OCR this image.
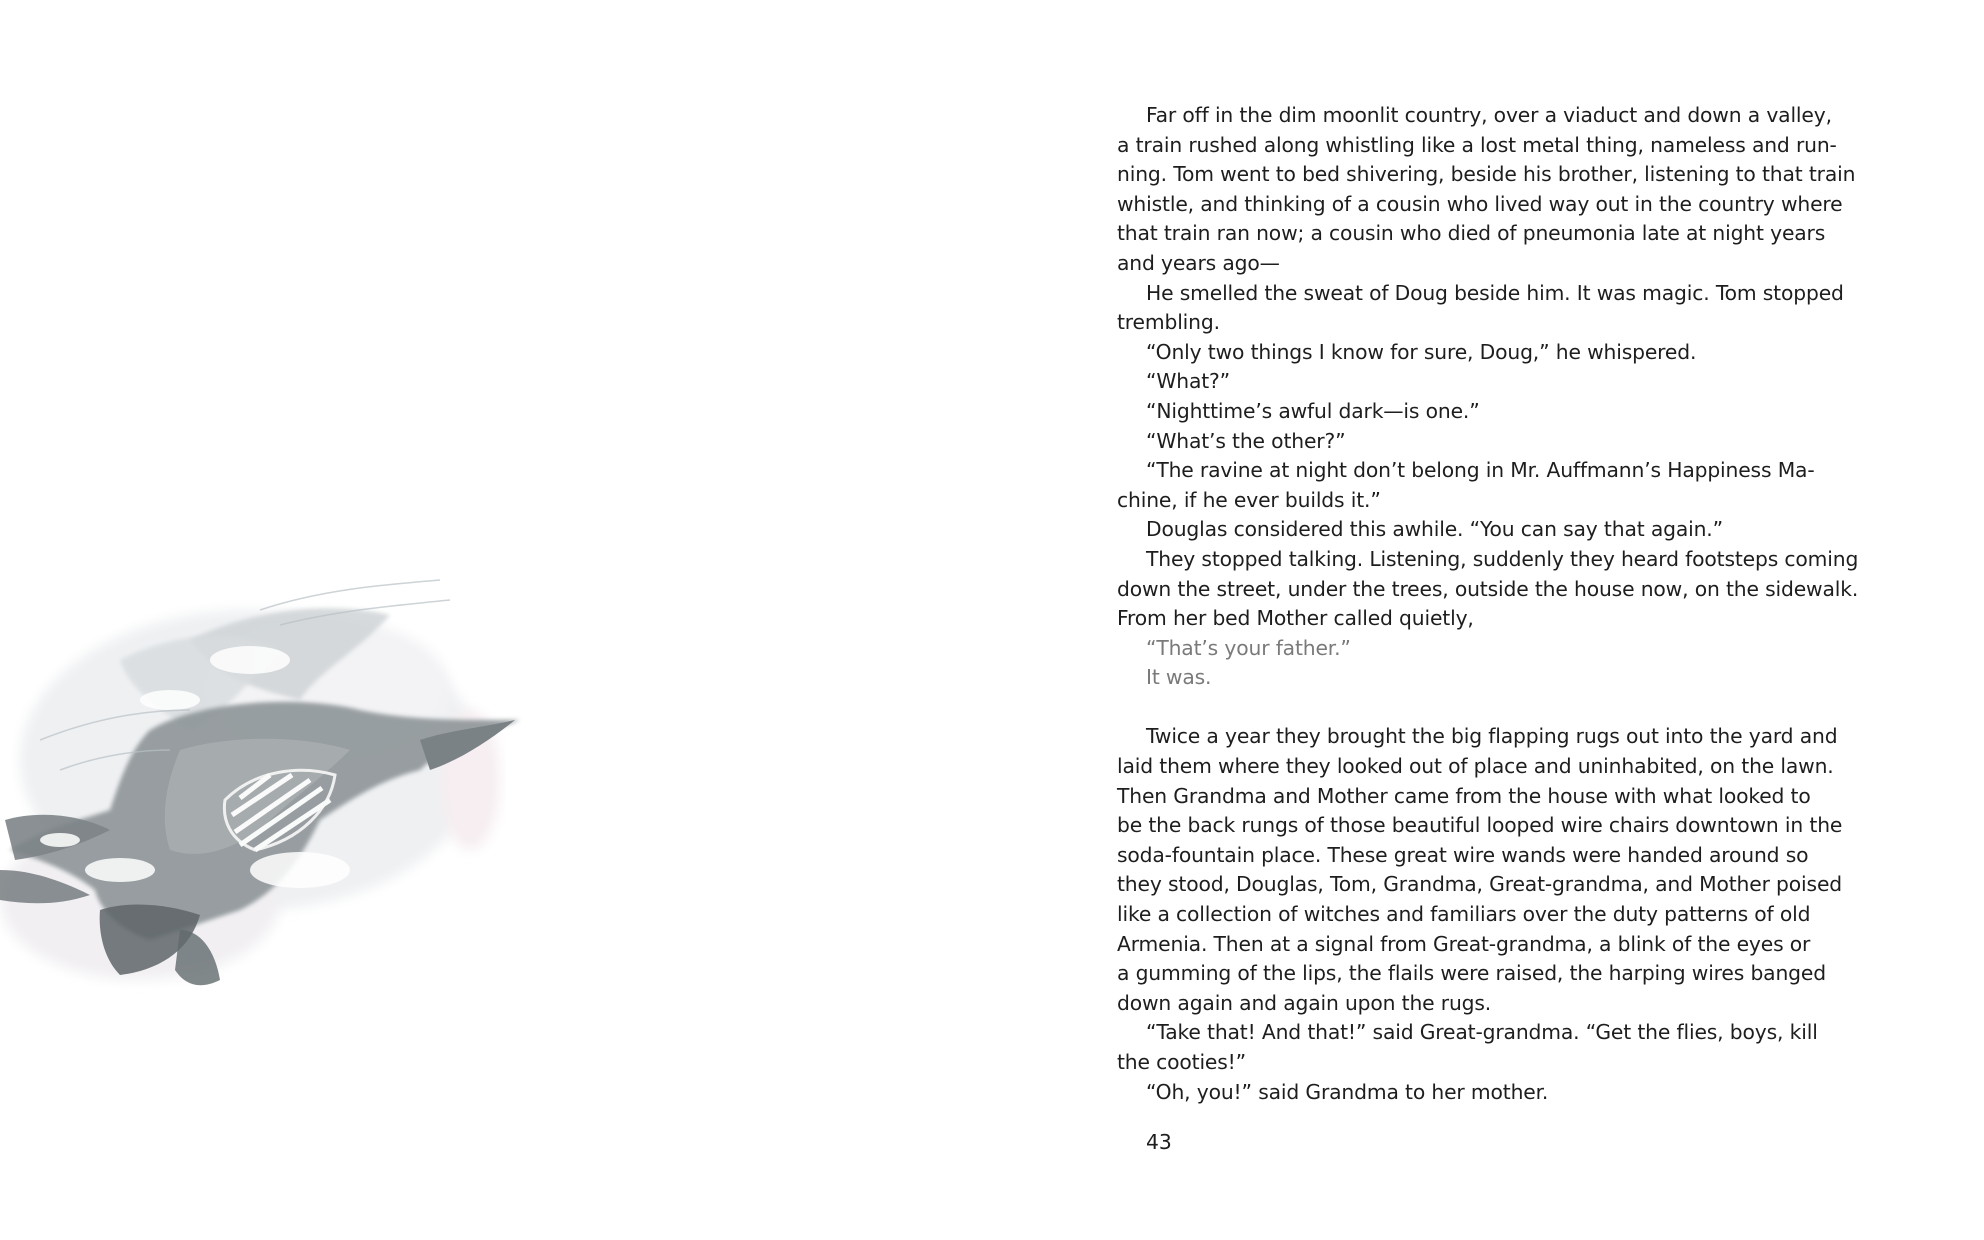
Far off in the dim moonlit country, over a viaduct and down a valley,
a train rushed along whistling like a lost metal thing, nameless and run-
ning. Tom went to bed shivering, beside his brother, listening to that train
whistle, and thinking of a cousin who lived way out in the country where
that train ran now; a cousin who died of pneumonia late at night years
and years ago—
He smelled the sweat of Doug beside him. It was magic. Tom stopped
trembling.
“Only two things I know for sure, Doug,” he whispered.
“What?”
“Nighttime’s awful dark—is one.”
“What’s the other?”
“The ravine at night don’t belong in Mr. Auffmann’s Happiness Ma-
chine, if he ever builds it.”
Douglas considered this awhile. “You can say that again.”
They stopped talking. Listening, suddenly they heard footsteps coming
down the street, under the trees, outside the house now, on the sidewalk.
From her bed Mother called quietly,
“That’s your father.”
It was.
Twice a year they brought the big flapping rugs out into the yard and
laid them where they looked out of place and uninhabited, on the lawn.
Then Grandma and Mother came from the house with what looked to
be the back rungs of those beautiful looped wire chairs downtown in the
soda-fountain place. These great wire wands were handed around so
they stood, Douglas, Tom, Grandma, Great-grandma, and Mother poised
like a collection of witches and familiars over the duty patterns of old
Armenia. Then at a signal from Great-grandma, a blink of the eyes or
a gumming of the lips, the flails were raised, the harping wires banged
down again and again upon the rugs.
“Take that! And that!” said Great-grandma. “Get the flies, boys, kill
the cooties!”
“Oh, you!” said Grandma to her mother.
43
